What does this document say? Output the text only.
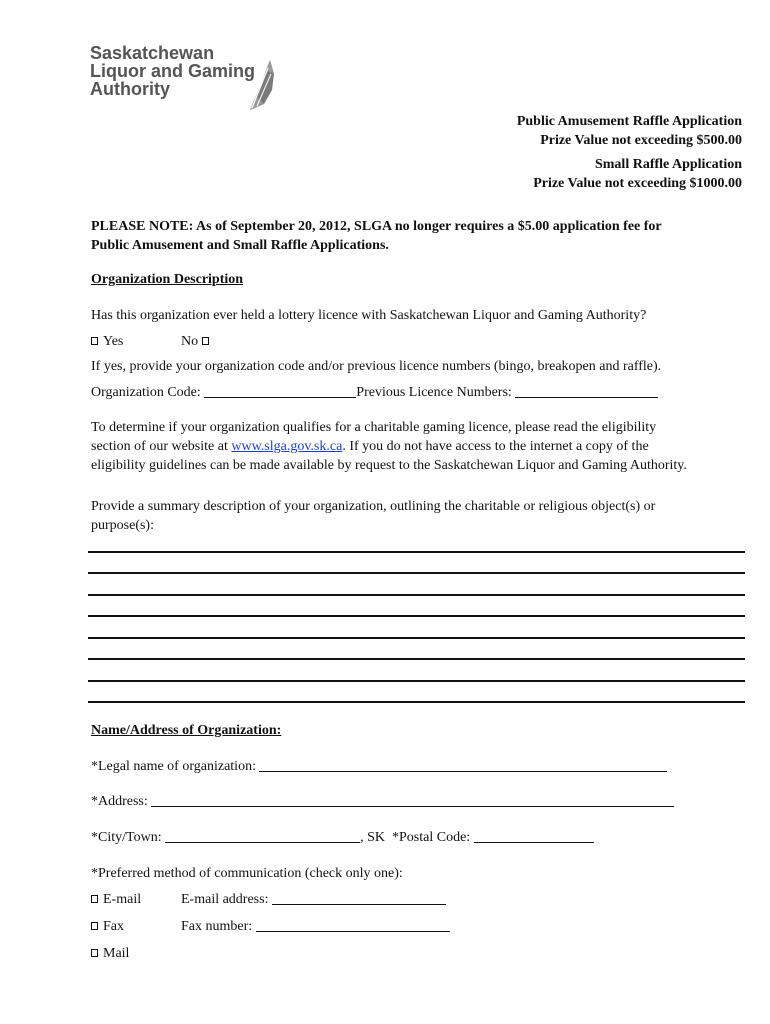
Saskatchewan
Liquor and Gaming
Authority
Public Amusement Raffle Application
Prize Value not exceeding $500.00
Small Raffle Application
Prize Value not exceeding $1000.00
PLEASE NOTE: As of September 20, 2012, SLGA no longer requires a $5.00 application fee for
Public Amusement and Small Raffle Applications.
Organization Description
Has this organization ever held a lottery licence with Saskatchewan Liquor and Gaming Authority?
Yes	No
If yes, provide your organization code and/or previous licence numbers (bingo, breakopen and raffle).
Organization Code:	Previous Licence Numbers:
To determine if your organization qualifies for a charitable gaming licence, please read the eligibility
section of our website at www.slga.gov.sk.ca. If you do not have access to the internet a copy of the
eligibility guidelines can be made available by request to the Saskatchewan Liquor and Gaming Authority.
Provide a summary description of your organization, outlining the charitable or religious object(s) or
purpose(s):
Name/Address of Organization:
*Legal name of organization:
*Address:
*City/Town:	, SK *Postal Code:
*Preferred method of communication (check only one):
E-mail	E-mail address:
Fax	Fax number:
Mail
